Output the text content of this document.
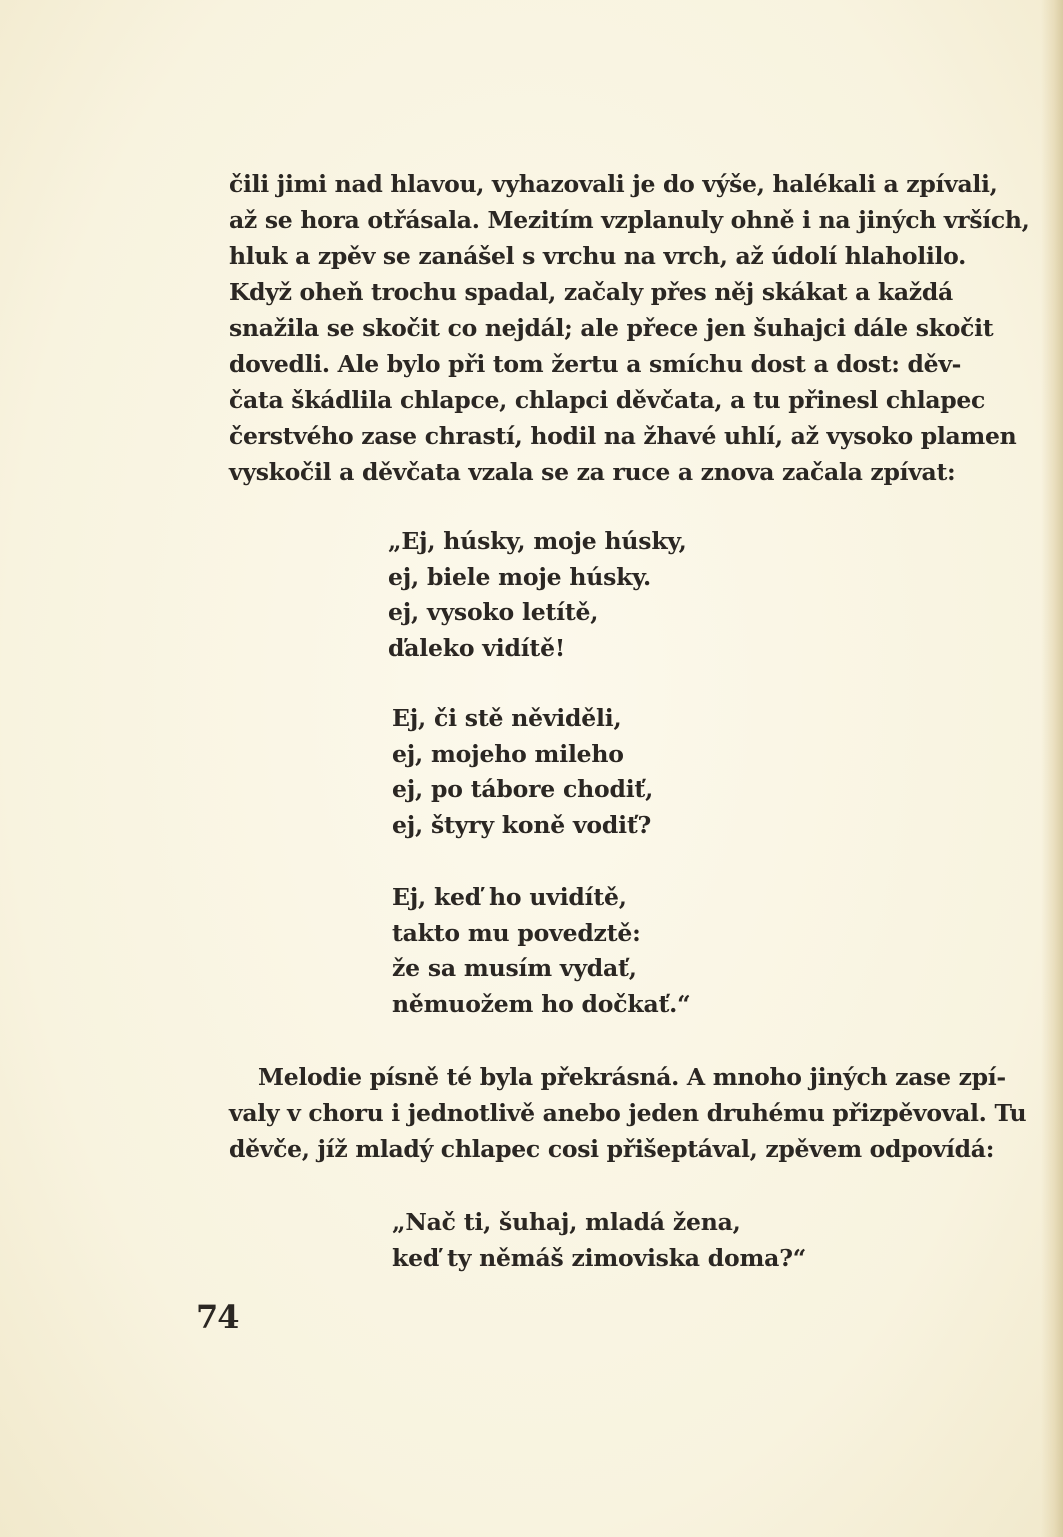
čili jimi nad hlavou, vyhazovali je do výše, halékali a zpívali,
až se hora otřásala. Mezitím vzplanuly ohně i na jiných vrších,
hluk a zpěv se zanášel s vrchu na vrch, až údolí hlaholilo.
Když oheň trochu spadal, začaly přes něj skákat a každá
snažila se skočit co nejdál; ale přece jen šuhajci dále skočit
dovedli. Ale bylo při tom žertu a smíchu dost a dost: děv-
čata škádlila chlapce, chlapci děvčata, a tu přinesl chlapec
čerstvého zase chrastí, hodil na žhavé uhlí, až vysoko plamen
vyskočil a děvčata vzala se za ruce a znova začala zpívat:
„Ej, húsky, moje húsky,
ej, biele moje húsky.
ej, vysoko letítě,
ďaleko vidítě!
Ej, či stě něviděli,
ej, mojeho mileho
ej, po tábore chodiť,
ej, štyry koně vodiť?
Ej, keď ho uvidítě,
takto mu povedztě:
že sa musím vydať,
němuožem ho dočkať.“
Melodie písně té byla překrásná. A mnoho jiných zase zpí-
valy v choru i jednotlivě anebo jeden druhému přizpěvoval. Tu
děvče, jíž mladý chlapec cosi přišeptával, zpěvem odpovídá:
„Nač ti, šuhaj, mladá žena,
keď ty němáš zimoviska doma?“
74
